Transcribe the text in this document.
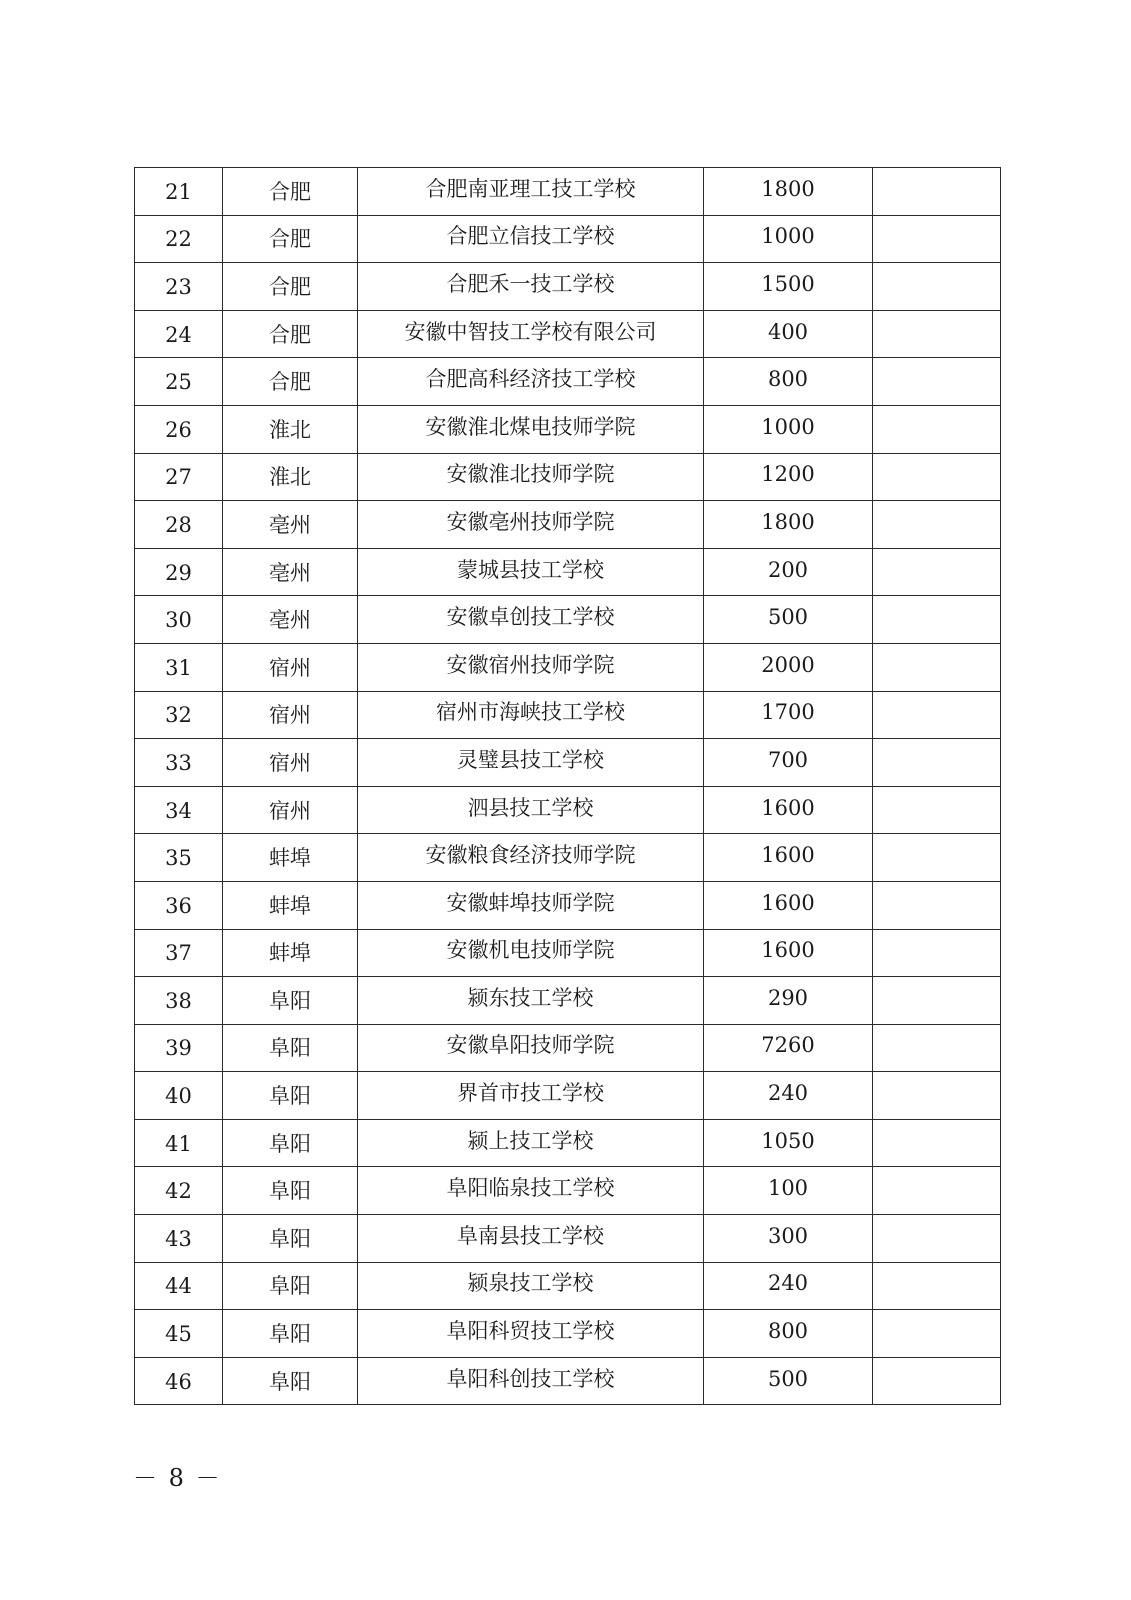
21	合肥	合肥南亚理工技工学校	1800	
22	合肥	合肥立信技工学校	1000	
23	合肥	合肥禾一技工学校	1500	
24	合肥	安徽中智技工学校有限公司	400	
25	合肥	合肥高科经济技工学校	800	
26	淮北	安徽淮北煤电技师学院	1000	
27	淮北	安徽淮北技师学院	1200	
28	亳州	安徽亳州技师学院	1800	
29	亳州	蒙城县技工学校	200	
30	亳州	安徽卓创技工学校	500	
31	宿州	安徽宿州技师学院	2000	
32	宿州	宿州市海峡技工学校	1700	
33	宿州	灵璧县技工学校	700	
34	宿州	泗县技工学校	1600	
35	蚌埠	安徽粮食经济技师学院	1600	
36	蚌埠	安徽蚌埠技师学院	1600	
37	蚌埠	安徽机电技师学院	1600	
38	阜阳	颍东技工学校	290	
39	阜阳	安徽阜阳技师学院	7260	
40	阜阳	界首市技工学校	240	
41	阜阳	颍上技工学校	1050	
42	阜阳	阜阳临泉技工学校	100	
43	阜阳	阜南县技工学校	300	
44	阜阳	颍泉技工学校	240	
45	阜阳	阜阳科贸技工学校	800	
46	阜阳	阜阳科创技工学校	500	
－ 8 －
